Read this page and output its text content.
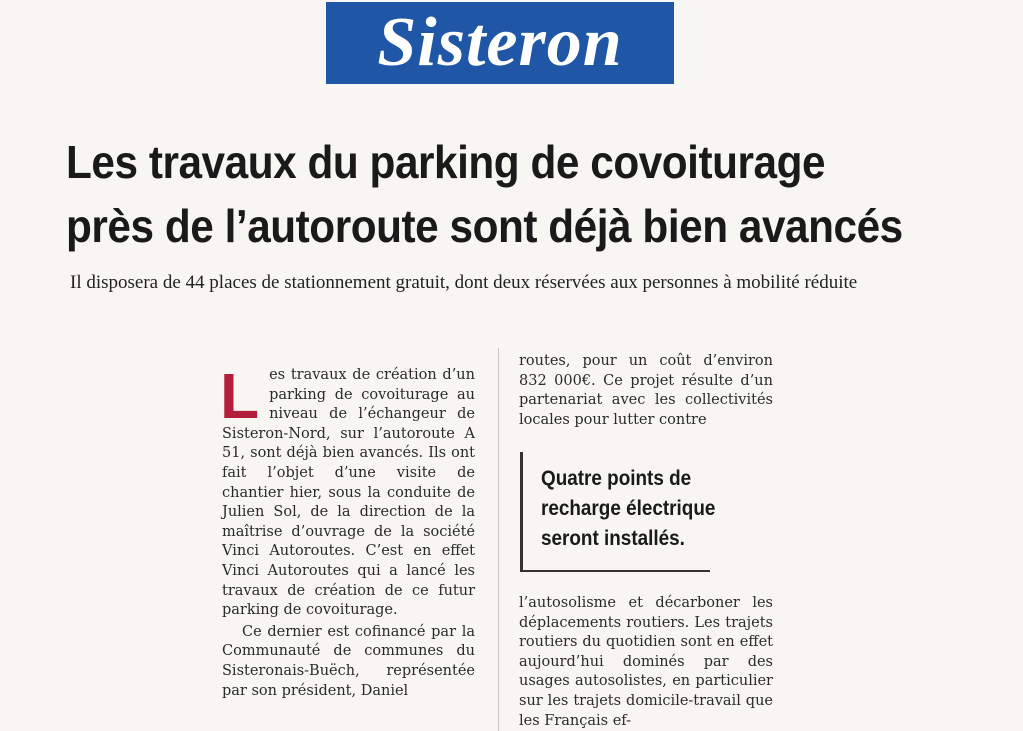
Sisteron
Les travaux du parking de covoiturage
près de l’autoroute sont déjà bien avancés

Il disposera de 44 places de stationnement gratuit, dont deux réservées aux personnes à mobilité réduite

Les travaux de création d’un parking de covoiturage au niveau de l’échangeur de Sisteron-Nord, sur l’autoroute A 51, sont déjà bien avancés. Ils ont fait l’objet d’une visite de chantier hier, sous la conduite de Julien Sol, de la direction de la maîtrise d’ouvrage de la société Vinci Autoroutes. C’est en effet Vinci Autoroutes qui a lancé les travaux de création de ce futur parking de covoiturage.

Ce dernier est cofinancé par la Communauté de communes du Sisteronais-Buëch, représentée par son président, Daniel

routes, pour un coût d’environ 832 000€. Ce projet résulte d’un partenariat avec les collectivités locales pour lutter contre

Quatre points de recharge électrique seront installés.

l’autosolisme et décarboner les déplacements routiers. Les trajets routiers du quotidien sont en effet aujourd’hui dominés par des usages autosolistes, en particulier sur les trajets domicile-travail que les Français ef-
